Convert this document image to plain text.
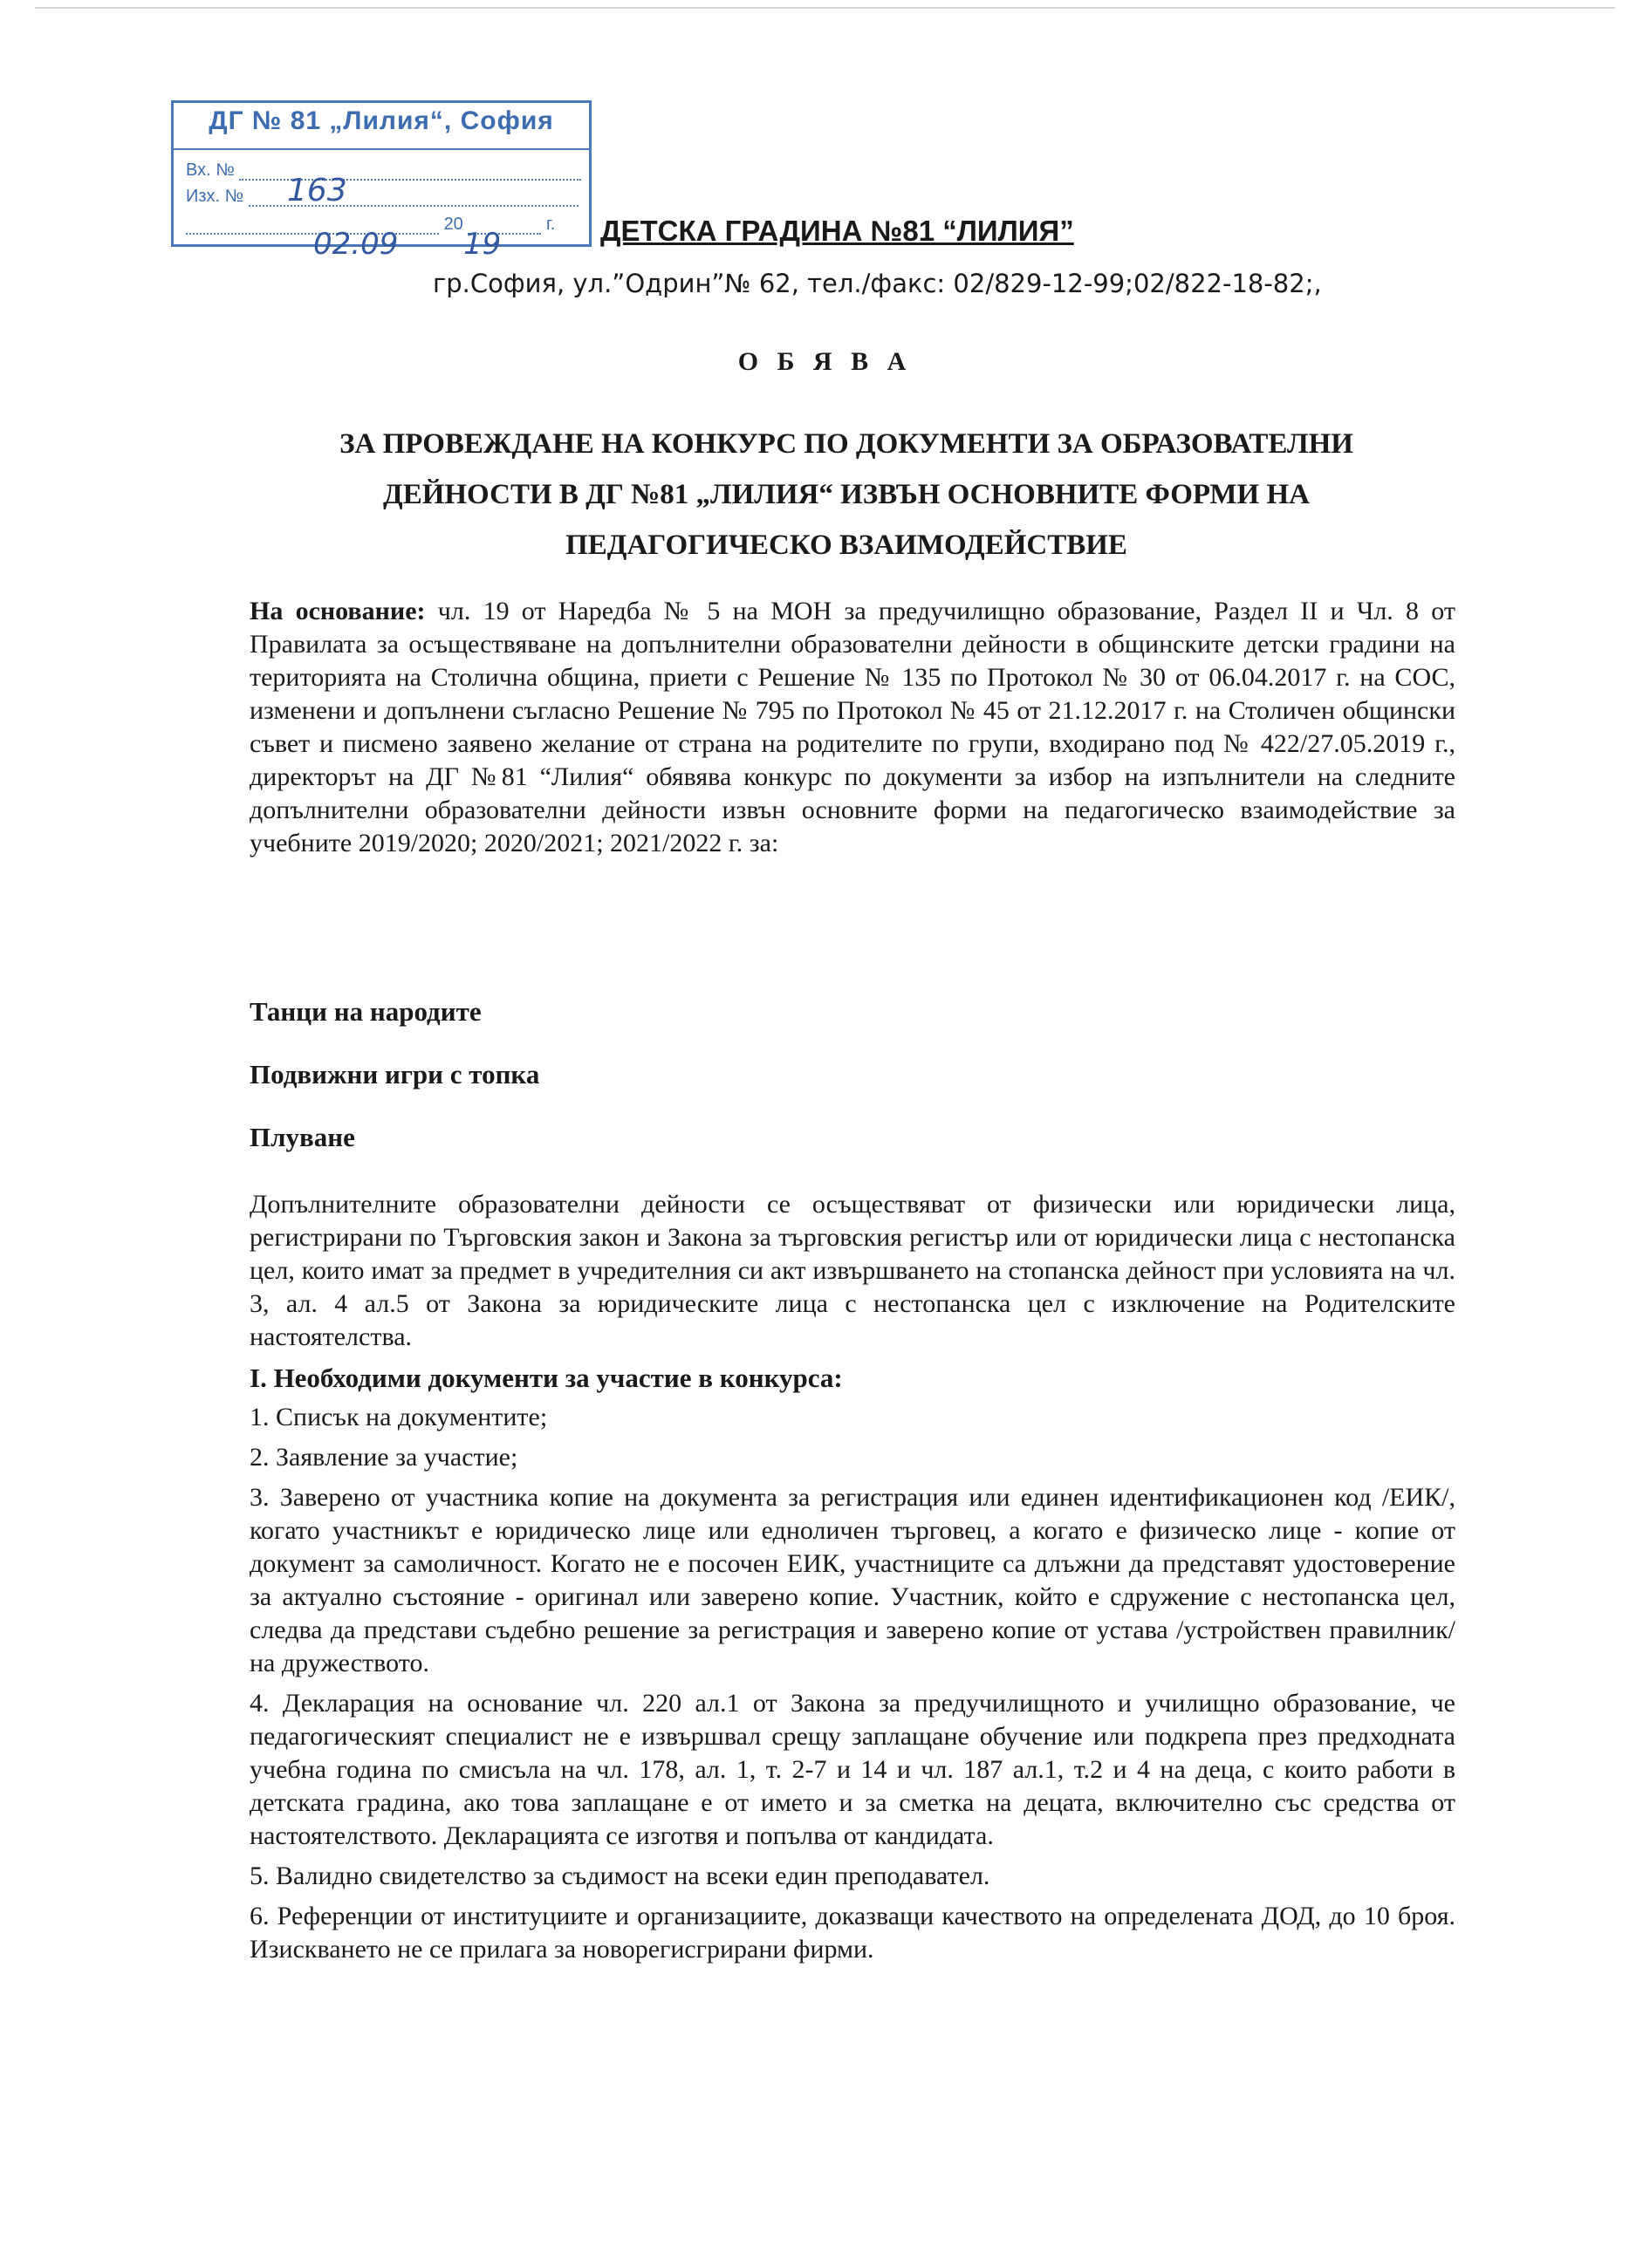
ДГ № 81 „Лилия“, София
Вх. №
Изх. № 163
20	г.
02.09 19	ДЕТСКА ГРАДИНА №81 “ЛИЛИЯ”
гр.София, ул.”Одрин”№ 62, тел./факс: 02/829-12-99;02/822-18-82;,
О Б Я В А
ЗА ПРОВЕЖДАНЕ НА КОНКУРС ПО ДОКУМЕНТИ ЗА ОБРАЗОВАТЕЛНИ
ДЕЙНОСТИ В ДГ №81 „ЛИЛИЯ“ ИЗВЪН ОСНОВНИТЕ ФОРМИ НА
ПЕДАГОГИЧЕСКО ВЗАИМОДЕЙСТВИЕ
На основание: чл. 19 от Наредба № 5 на МОН за предучилищно образование, Раздел II и Чл. 8 от Правилата за осъществяване на допълнителни образователни дейности в общинските детски градини на територията на Столична община, приети с Решение № 135 по Протокол № 30 от 06.04.2017 г. на СОС, изменени и допълнени съгласно Решение № 795 по Протокол № 45 от 21.12.2017 г. на Столичен общински съвет и писмено заявено желание от страна на родителите по групи, входирано под № 422/27.05.2019 г., директорът на ДГ №81 “Лилия“ обявява конкурс по документи за избор на изпълнители на следните допълнителни образователни дейности извън основните форми на педагогическо взаимодействие за учебните 2019/2020; 2020/2021; 2021/2022 г. за:
Танци на народите
Подвижни игри с топка
Плуване
Допълнителните образователни дейности се осъществяват от физически или юридически лица, регистрирани по Търговския закон и Закона за търговския регистър или от юридически лица с нестопанска цел, които имат за предмет в учредителния си акт извършването на стопанска дейност при условията на чл. 3, ал. 4 ал.5 от Закона за юридическите лица с нестопанска цел с изключение на Родителските настоятелства.
I. Необходими документи за участие в конкурса:
1. Списък на документите;
2. Заявление за участие;
3. Заверено от участника копие на документа за регистрация или единен идентификационен код /ЕИК/, когато участникът е юридическо лице или едноличен търговец, а когато е физическо лице - копие от документ за самоличност. Когато не е посочен ЕИК, участниците са длъжни да представят удостоверение за актуално състояние - оригинал или заверено копие. Участник, който е сдружение с нестопанска цел, следва да представи съдебно решение за регистрация и заверено копие от устава /устройствен правилник/ на дружеството.
4. Декларация на основание чл. 220 ал.1 от Закона за предучилищното и училищно образование, че педагогическият специалист не е извършвал срещу заплащане обучение или подкрепа през предходната учебна година по смисъла на чл. 178, ал. 1, т. 2-7 и 14 и чл. 187 ал.1, т.2 и 4 на деца, с които работи в детската градина, ако това заплащане е от името и за сметка на децата, включително със средства от настоятелството. Декларацията се изготвя и попълва от кандидата.
5. Валидно свидетелство за съдимост на всеки един преподавател.
6. Референции от институциите и организациите, доказващи качеството на определената ДОД, до 10 броя. Изискването не се прилага за новорегисгрирани фирми.
